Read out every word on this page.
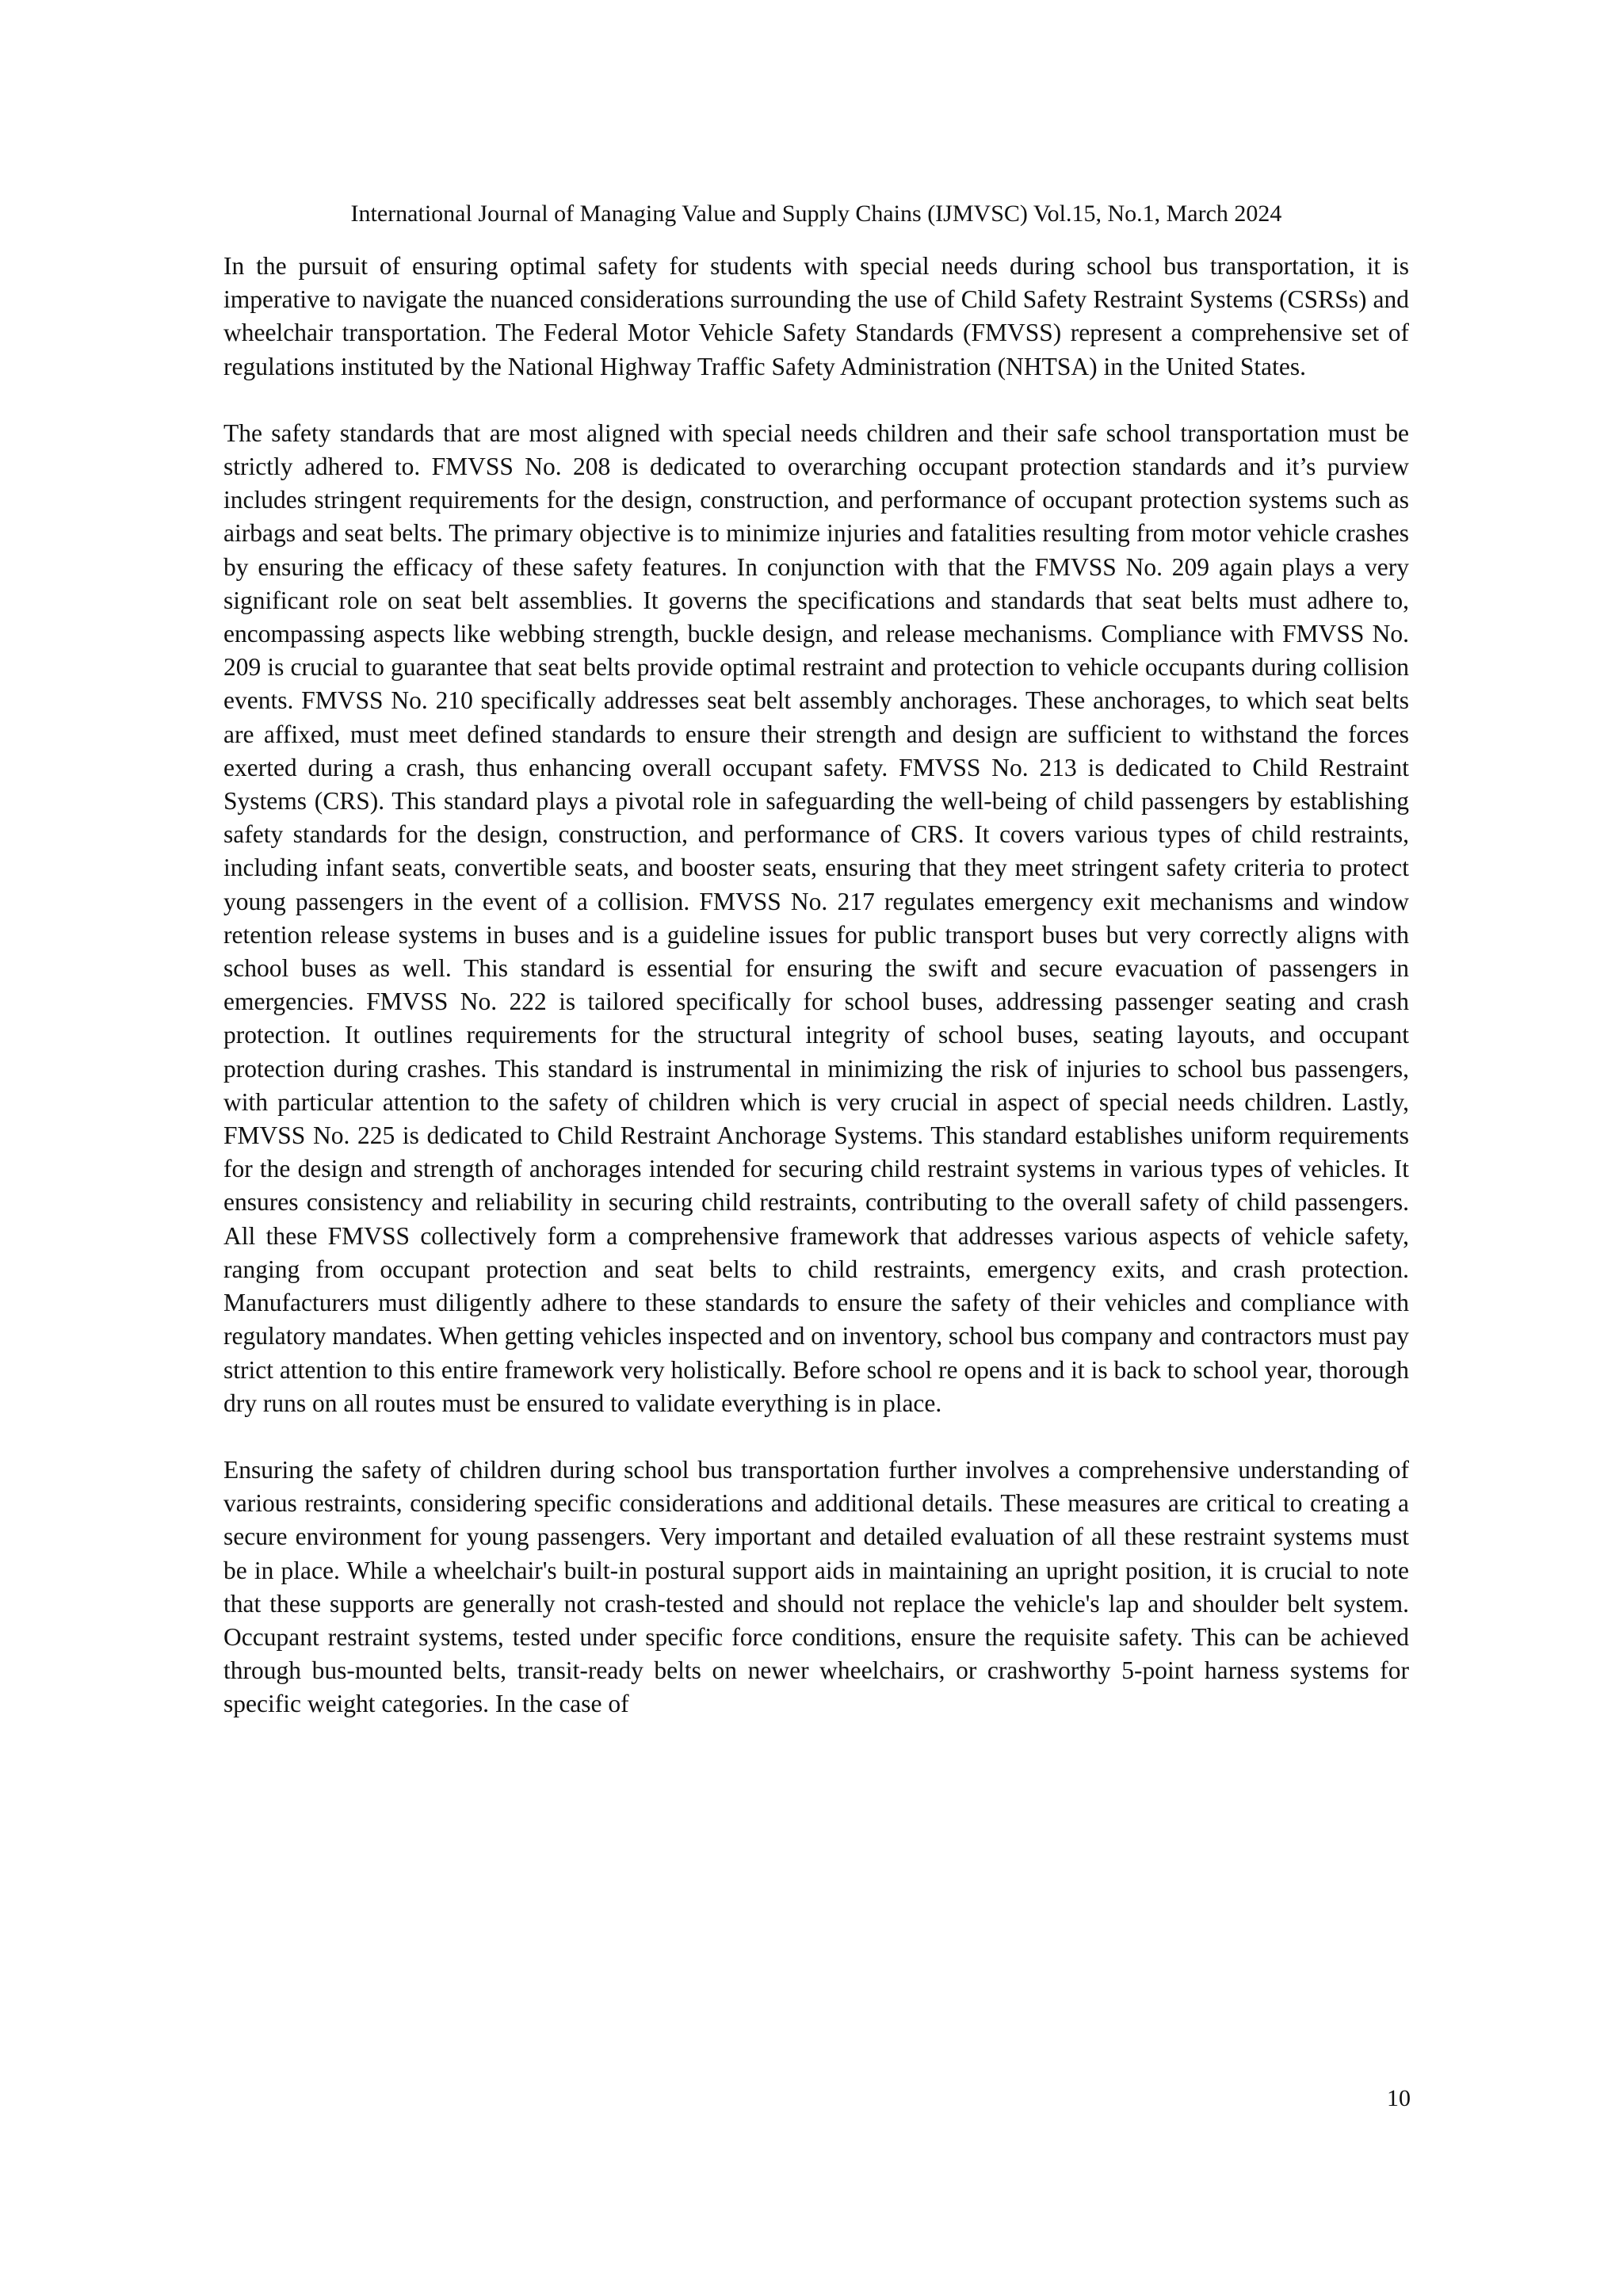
International Journal of Managing Value and Supply Chains (IJMVSC) Vol.15, No.1, March 2024

In the pursuit of ensuring optimal safety for students with special needs during school bus transportation, it is imperative to navigate the nuanced considerations surrounding the use of Child Safety Restraint Systems (CSRSs) and wheelchair transportation. The Federal Motor Vehicle Safety Standards (FMVSS) represent a comprehensive set of regulations instituted by the National Highway Traffic Safety Administration (NHTSA) in the United States.

The safety standards that are most aligned with special needs children and their safe school transportation must be strictly adhered to. FMVSS No. 208 is dedicated to overarching occupant protection standards and it’s purview includes stringent requirements for the design, construction, and performance of occupant protection systems such as airbags and seat belts. The primary objective is to minimize injuries and fatalities resulting from motor vehicle crashes by ensuring the efficacy of these safety features. In conjunction with that the FMVSS No. 209 again plays a very significant role on seat belt assemblies. It governs the specifications and standards that seat belts must adhere to, encompassing aspects like webbing strength, buckle design, and release mechanisms. Compliance with FMVSS No. 209 is crucial to guarantee that seat belts provide optimal restraint and protection to vehicle occupants during collision events. FMVSS No. 210 specifically addresses seat belt assembly anchorages. These anchorages, to which seat belts are affixed, must meet defined standards to ensure their strength and design are sufficient to withstand the forces exerted during a crash, thus enhancing overall occupant safety. FMVSS No. 213 is dedicated to Child Restraint Systems (CRS). This standard plays a pivotal role in safeguarding the well-being of child passengers by establishing safety standards for the design, construction, and performance of CRS. It covers various types of child restraints, including infant seats, convertible seats, and booster seats, ensuring that they meet stringent safety criteria to protect young passengers in the event of a collision. FMVSS No. 217 regulates emergency exit mechanisms and window retention release systems in buses and is a guideline issues for public transport buses but very correctly aligns with school buses as well. This standard is essential for ensuring the swift and secure evacuation of passengers in emergencies. FMVSS No. 222 is tailored specifically for school buses, addressing passenger seating and crash protection. It outlines requirements for the structural integrity of school buses, seating layouts, and occupant protection during crashes. This standard is instrumental in minimizing the risk of injuries to school bus passengers, with particular attention to the safety of children which is very crucial in aspect of special needs children. Lastly, FMVSS No. 225 is dedicated to Child Restraint Anchorage Systems. This standard establishes uniform requirements for the design and strength of anchorages intended for securing child restraint systems in various types of vehicles. It ensures consistency and reliability in securing child restraints, contributing to the overall safety of child passengers. All these FMVSS collectively form a comprehensive framework that addresses various aspects of vehicle safety, ranging from occupant protection and seat belts to child restraints, emergency exits, and crash protection. Manufacturers must diligently adhere to these standards to ensure the safety of their vehicles and compliance with regulatory mandates. When getting vehicles inspected and on inventory, school bus company and contractors must pay strict attention to this entire framework very holistically. Before school re opens and it is back to school year, thorough dry runs on all routes must be ensured to validate everything is in place.

Ensuring the safety of children during school bus transportation further involves a comprehensive understanding of various restraints, considering specific considerations and additional details. These measures are critical to creating a secure environment for young passengers. Very important and detailed evaluation of all these restraint systems must be in place. While a wheelchair's built-in postural support aids in maintaining an upright position, it is crucial to note that these supports are generally not crash-tested and should not replace the vehicle's lap and shoulder belt system. Occupant restraint systems, tested under specific force conditions, ensure the requisite safety. This can be achieved through bus-mounted belts, transit-ready belts on newer wheelchairs, or crashworthy 5-point harness systems for specific weight categories. In the case of

10
